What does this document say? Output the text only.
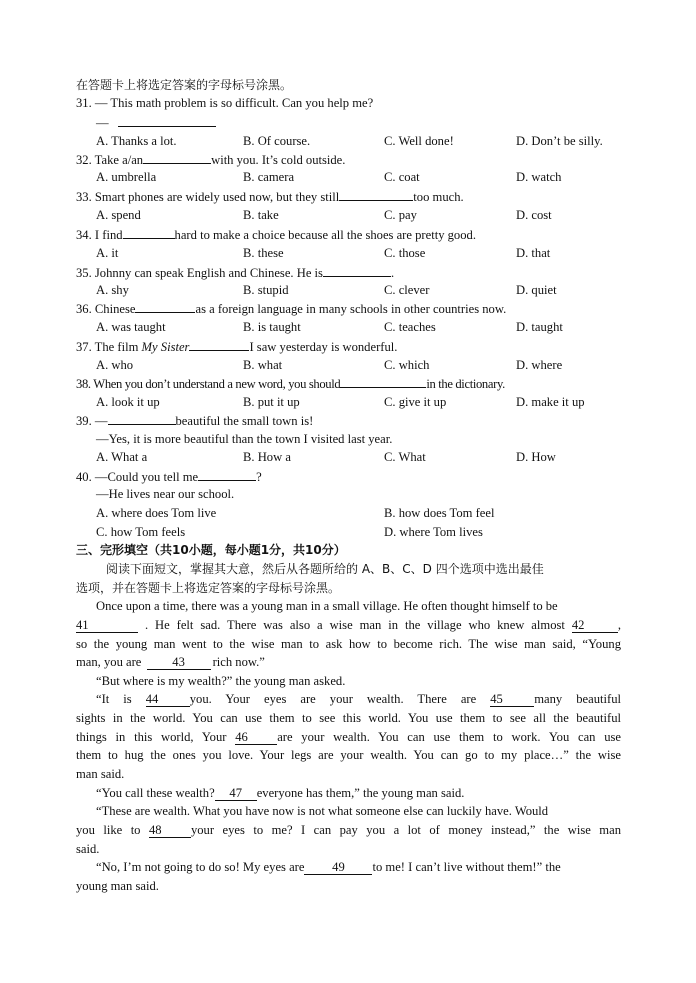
在答题卡上将选定答案的字母标号涂黑。
31. — This math problem is so difficult. Can you help me?
—
A. Thanks a lot.	B. Of course.	C. Well done!	D. Don’t be silly.
32. Take a/an	with you. It’s cold outside.
A. umbrella	B. camera	C. coat	D. watch
33. Smart phones are widely used now, but they still	too much.
A. spend	B. take	C. pay	D. cost
34. I find	hard to make a choice because all the shoes are pretty good.
A. it	B. these	C. those	D. that
35. Johnny can speak English and Chinese. He is	.
A. shy	B. stupid	C. clever	D. quiet
36. Chinese	as a foreign language in many schools in other countries now.
A. was taught	B. is taught	C. teaches	D. taught
37. The film My Sister	I saw yesterday is wonderful.
A. who	B. what	C. which	D. where
38. When you don’t understand a new word, you should	in the dictionary.
A. look it up	B. put it up	C. give it up	D. make it up
39. —	beautiful the small town is!
—Yes, it is more beautiful than the town I visited last year.
A. What a	B. How a	C. What	D. How
40. —Could you tell me	?
—He lives near our school.
A. where does Tom live	B. how does Tom feel
C. how Tom feels	D. where Tom lives
三、完形填空（共10小题，每小题1分，共10分）
阅读下面短文，掌握其大意，然后从各题所给的 A、B、C、D 四个选项中选出最佳
选项，并在答题卡上将选定答案的字母标号涂黑。
Once upon a time, there was a young man in a small village. He often thought himself to be
41	. He felt sad. There was also a wise man in the village who knew almost 42	,
so the young man went to the wise man to ask how to become rich. The wise man said, “Young
man, you are 43 rich now.”
“But where is my wealth?” the young man asked.
“It is 44 you. Your eyes are your wealth. There are 45 many beautiful
sights in the world. You can use them to see this world. You use them to see all the beautiful
things in this world, Your 46 are your wealth. You can use them to work. You can use
them to hug the ones you love. Your legs are your wealth. You can go to my place…” the wise
man said.
“You call these wealth? 47 everyone has them,” the young man said.
“These are wealth. What you have now is not what someone else can luckily have. Would
you like to 48 your eyes to me? I can pay you a lot of money instead,” the wise man
said.
“No, I’m not going to do so! My eyes are 49 to me! I can’t live without them!” the
young man said.
